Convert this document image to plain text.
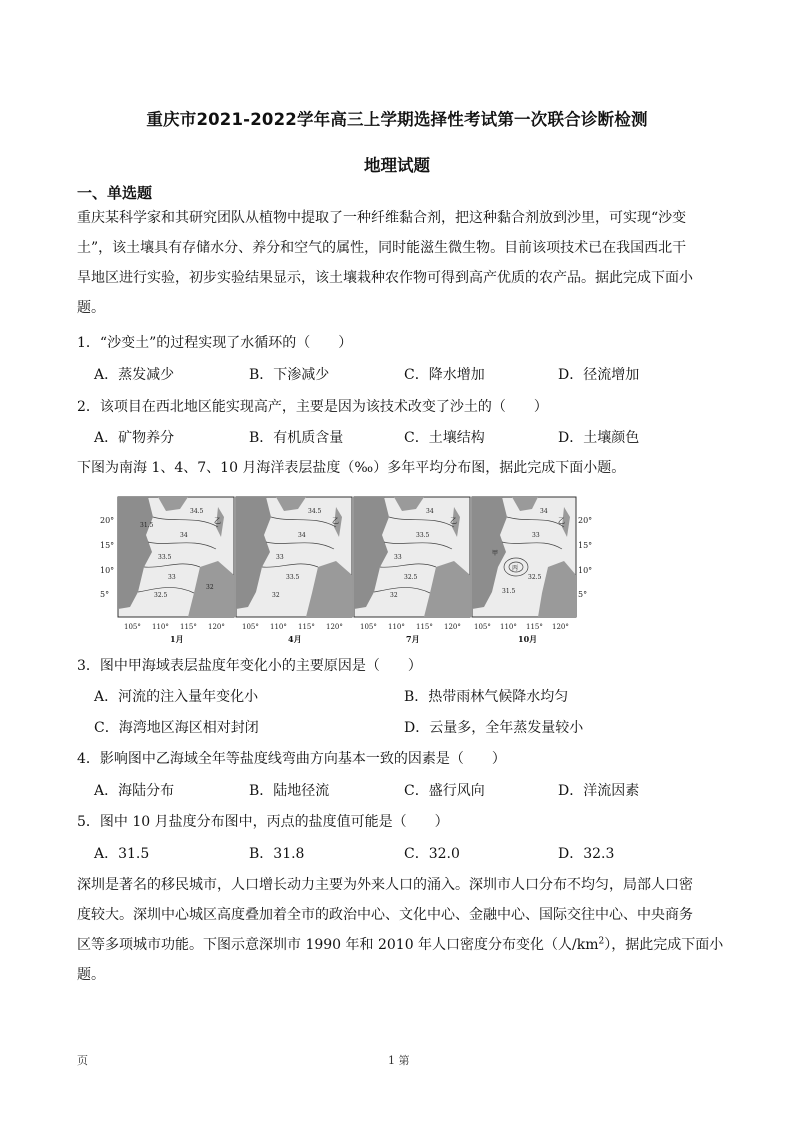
重庆市2021-2022学年高三上学期选择性考试第一次联合诊断检测
地理试题
一、单选题
重庆某科学家和其研究团队从植物中提取了一种纤维黏合剂，把这种黏合剂放到沙里，可实现“沙变
土”，该土壤具有存储水分、养分和空气的属性，同时能滋生微生物。目前该项技术已在我国西北干
旱地区进行实验，初步实验结果显示，该土壤栽种农作物可得到高产优质的农产品。据此完成下面小
题。
1．“沙变土”的过程实现了水循环的（　　）
A．蒸发减少	B．下渗减少	C．降水增加	D．径流增加
2．该项目在西北地区能实现高产，主要是因为该技术改变了沙土的（　　）
A．矿物养分	B．有机质含量	C．土壤结构	D．土壤颜色
下图为南海 1、4、7、10 月海洋表层盐度（‰）多年平均分布图，据此完成下面小题。
20°
15°
10°
5°
20°
15°
10°
5°
34.5
34
33.5
33
32.5
31.5
32
乙
105° 110° 115° 120°
1月
34.5
34
33
33.5
32
乙
105° 110° 115° 120°
4月
34
33.5
33
32.5
32
乙
105° 110° 115° 120°
7月
34
33
32.5
31.5
乙
丙
甲
105° 110° 115° 120°
10月
3．图中甲海域表层盐度年变化小的主要原因是（　　）
A．河流的注入量年变化小	B．热带雨林气候降水均匀
C．海湾地区海区相对封闭	D．云量多，全年蒸发量较小
4．影响图中乙海域全年等盐度线弯曲方向基本一致的因素是（　　）
A．海陆分布	B．陆地径流	C．盛行风向	D．洋流因素
5．图中 10 月盐度分布图中，丙点的盐度值可能是（　　）
A．31.5	B．31.8	C．32.0	D．32.3
深圳是著名的移民城市，人口增长动力主要为外来人口的涌入。深圳市人口分布不均匀，局部人口密
度较大。深圳中心城区高度叠加着全市的政治中心、文化中心、金融中心、国际交往中心、中央商务
区等多项城市功能。下图示意深圳市 1990 年和 2010 年人口密度分布变化（人$/km^2$），据此完成下面小
题。
页	1 第
